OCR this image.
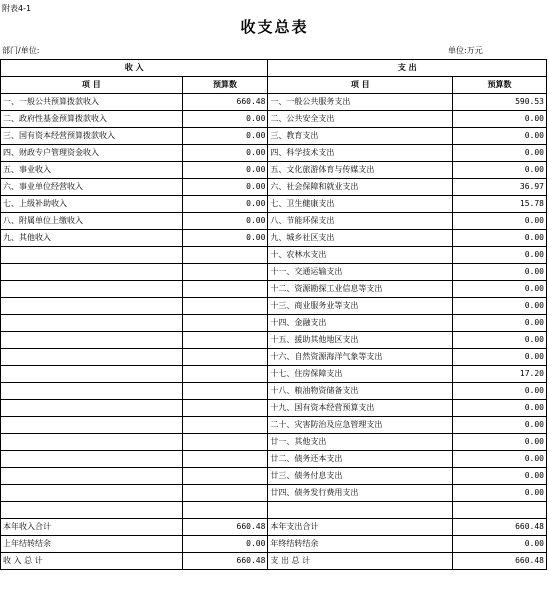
附表4-1
收支总表
部门/单位:	单位:万元
收 入		支 出	
项 目	预算数	项 目	预算数
一、一般公共预算拨款收入	660.48	一、一般公共服务支出	590.53
二、政府性基金预算拨款收入	0.00	二、公共安全支出	0.00
三、国有资本经营预算拨款收入	0.00	三、教育支出	0.00
四、财政专户管理资金收入	0.00	四、科学技术支出	0.00
五、事业收入	0.00	五、文化旅游体育与传媒支出	0.00
六、事业单位经营收入	0.00	六、社会保障和就业支出	36.97
七、上级补助收入	0.00	七、卫生健康支出	15.78
八、附属单位上缴收入	0.00	八、节能环保支出	0.00
九、其他收入	0.00	九、城乡社区支出	0.00
		十、农林水支出	0.00
		十一、交通运输支出	0.00
		十二、资源勘探工业信息等支出	0.00
		十三、商业服务业等支出	0.00
		十四、金融支出	0.00
		十五、援助其他地区支出	0.00
		十六、自然资源海洋气象等支出	0.00
		十七、住房保障支出	17.20
		十八、粮油物资储备支出	0.00
		十九、国有资本经营预算支出	0.00
		二十、灾害防治及应急管理支出	0.00
		廿一、其他支出	0.00
		廿二、债务还本支出	0.00
		廿三、债务付息支出	0.00
		廿四、债务发行费用支出	0.00

本年收入合计	660.48	本年支出合计	660.48
上年结转结余	0.00	年终结转结余	0.00
收 入 总 计	660.48	支 出 总 计	660.48
